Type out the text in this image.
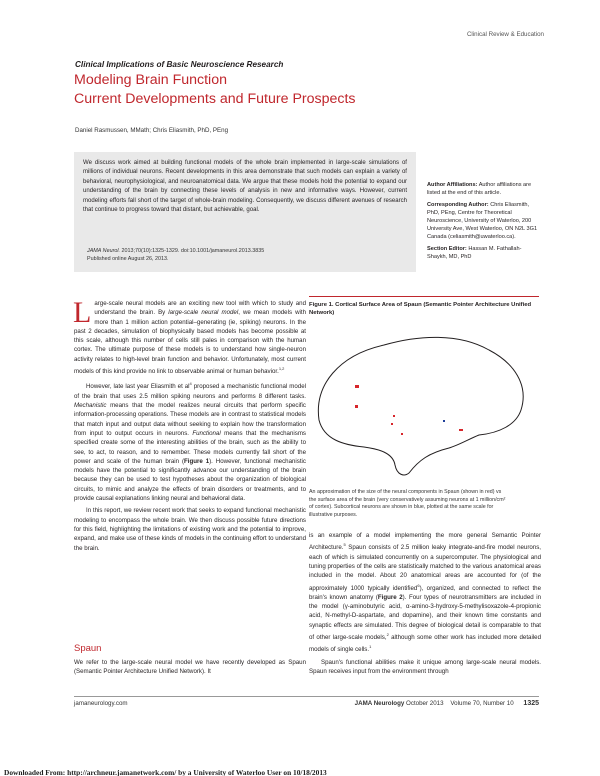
Clinical Review & Education
Clinical Implications of Basic Neuroscience Research
Modeling Brain Function
Current Developments and Future Prospects
Daniel Rasmussen, MMath; Chris Eliasmith, PhD, PEng

We discuss work aimed at building functional models of the whole brain implemented in large-scale simulations of millions of individual neurons. Recent developments in this area demonstrate that such models can explain a variety of behavioral, neurophysiological, and neuroanatomical data. We argue that these models hold the potential to expand our understanding of the brain by connecting these levels of analysis in new and informative ways. However, current modeling efforts fall short of the target of whole-brain modeling. Consequently, we discuss different avenues of research that continue to progress toward that distant, but achievable, goal.

JAMA Neurol. 2013;70(10):1325-1329. doi:10.1001/jamaneurol.2013.3835
Published online August 26, 2013.

Author Affiliations: Author affiliations are listed at the end of this article.

Corresponding Author: Chris Eliasmith, PhD, PEng, Centre for Theoretical Neuroscience, University of Waterloo, 200 University Ave, West Waterloo, ON N2L 3G1 Canada (celiasmith@uwaterloo.ca).

Section Editor: Hassan M. Fathallah-Shaykh, MD, PhD

Large-scale neural models are an exciting new tool with which to study and understand the brain. By large-scale neural model, we mean models with more than 1 million action potential–generating (ie, spiking) neurons. In the past 2 decades, simulation of biophysically based models has become possible at this scale, although this number of cells still pales in comparison with the human cortex. The ultimate purpose of these models is to understand how single-neuron activity relates to high-level brain function and behavior. Unfortunately, most current models of this kind provide no link to observable animal or human behavior.$^{1,2}$

However, late last year Eliasmith et $al^4$ proposed a mechanistic functional model of the brain that uses 2.5 million spiking neurons and performs 8 different tasks. Mechanistic means that the model realizes neural circuits that perform specific information-processing operations. These models are in contrast to statistical models that match input and output data without seeking to explain how the transformation from input to output occurs in neurons. Functional means that the mechanisms specified create some of the interesting abilities of the brain, such as the ability to see, to act, to reason, and to remember. These models currently fall short of the power and scale of the human brain (Figure 1). However, functional mechanistic models have the potential to significantly advance our understanding of the brain because they can be used to test hypotheses about the organization of biological circuits, to mimic and analyze the effects of brain disorders or treatments, and to provide causal explanations linking neural and behavioral data.

In this report, we review recent work that seeks to expand functional mechanistic modeling to encompass the whole brain. We then discuss possible future directions for this field, highlighting the limitations of existing work and the potential to improve, expand, and make use of these kinds of models in the continuing effort to understand the brain.

Spaun

We refer to the large-scale neural model we have recently developed as Spaun (Semantic Pointer Architecture Unified Network). It

Figure 1. Cortical Surface Area of Spaun (Semantic Pointer Architecture Unified Network)
An approximation of the size of the neural components in Spaun (shown in red) vs the surface area of the brain (very conservatively assuming neurons at 1 million/cm² of cortex). Subcortical neurons are shown in blue, plotted at the same scale for illustrative purposes.

is an example of a model implementing the more general Semantic Pointer Architecture.$^5$ Spaun consists of 2.5 million leaky integrate-and-fire model neurons, each of which is simulated concurrently on a supercomputer. The physiological and tuning properties of the cells are statistically matched to the various anatomical areas included in the model. About 20 anatomical areas are accounted for (of the approximately 1000 typically identified$^6$), organized, and connected to reflect the brain's known anatomy (Figure 2). Four types of neurotransmitters are included in the model (γ-aminobutyric acid, α-amino-3-hydroxy-5-methylisoxazole-4-propionic acid, N-methyl-D-aspartate, and dopamine), and their known time constants and synaptic effects are simulated. This degree of biological detail is comparable to that of other large-scale models,$^2$ although some other work has included more detailed models of single cells.$^1$

Spaun's functional abilities make it unique among large-scale neural models. Spaun receives input from the environment through

jamaneurology.com	JAMA Neurology October 2013    Volume 70, Number 10 1325
Downloaded From: http://archneur.jamanetwork.com/ by a University of Waterloo User on 10/18/2013
